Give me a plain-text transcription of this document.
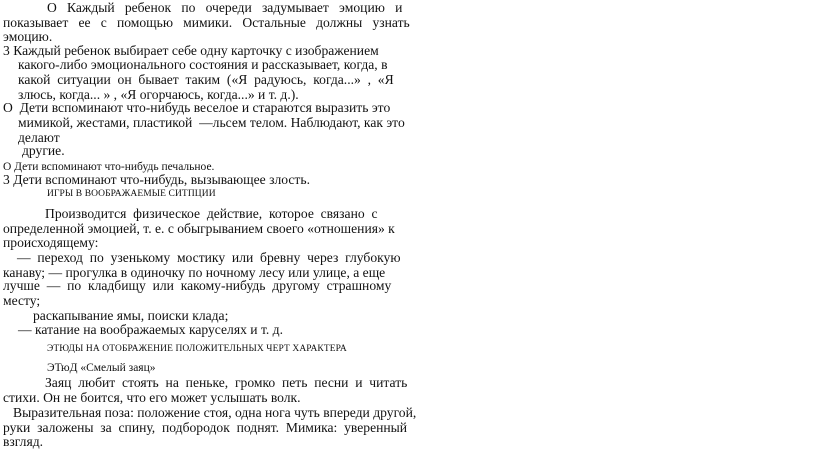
О   Каждый   ребенок   по   очереди   задумывает   эмоцию   и
показывает   ее   с   помощью   мимики.   Остальные   должны   узнать
эмоцию.
3 Каждый ребенок выбирает себе одну карточку с изображением
какого-либо эмоционального состояния и рассказывает, когда, в
какой  ситуации  он  бывает  таким  («Я  радуюсь,  когда...»  ,  «Я
злюсь, когда... » , «Я огорчаюсь, когда...» и т. д.).
О  Дети вспоминают что-нибудь веселое и стараются выразить это
мимикой, жестами, пластикой  —льсем телом. Наблюдают, как это
делают
другие.
О Дети вспоминают что-нибудь печальное.
3 Дети вспоминают что-нибудь, вызывающее злость.
ИГРЫ В ВООБРАЖАЕМЫЕ СИТПЦИИ
Производится  физическое  действие,  которое  связано  с
определенной эмоцией, т. е. с обыгрыванием своего «отношения» к
происходящему:
—  переход  по  узенькому  мостику  или  бревну  через  глубокую
канаву; — прогулка в одиночку по ночному лесу или улице, а еще
лучше  —  по  кладбищу  или  какому-нибудь  другому  страшному
месту;
раскапывание ямы, поиски клада;
— катание на воображаемых каруселях и т. д.
ЭТЮДЫ НА ОТОБРАЖЕНИЕ ПОЛОЖИТЕЛЬНЫХ ЧЕРТ ХАРАКТЕРА
ЭТюД «Смелый заяц»
Заяц  любит  стоять  на  пеньке,  громко  петь  песни  и  читать
стихи. Он не боится, что его может услышать волк.
Выразительная поза: положение стоя, одна нога чуть впереди другой,
руки  заложены  за  спину,  подбородок  поднят.  Мимика:  уверенный
взгляд.
